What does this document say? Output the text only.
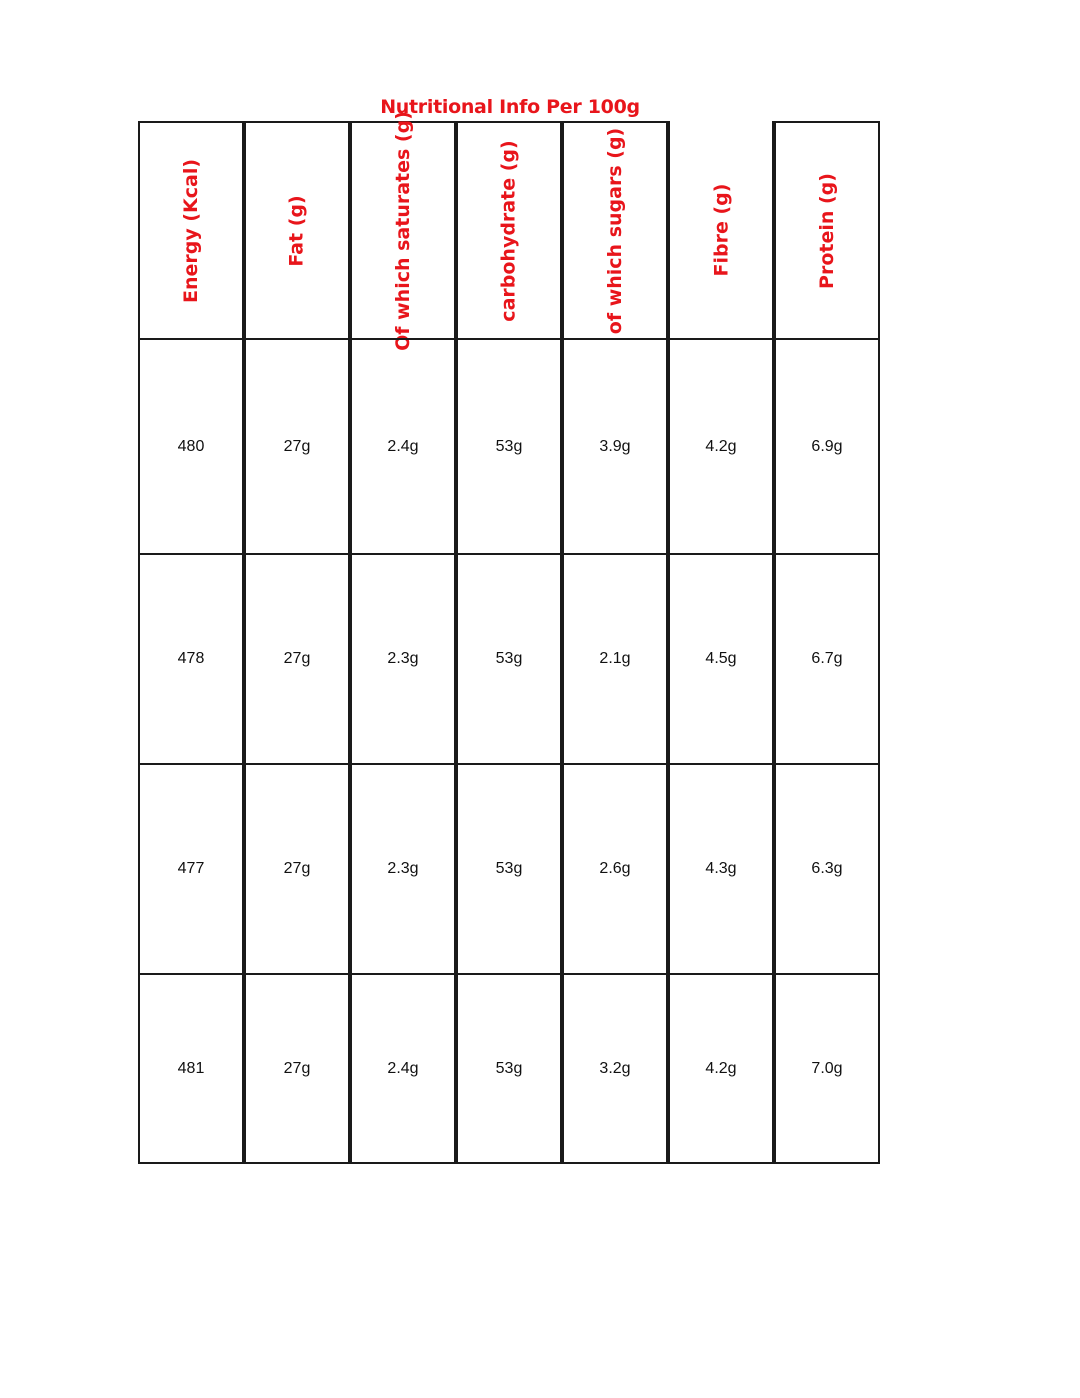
Nutritional Info Per 100g
Energy (Kcal)	Fat (g)	Of which saturates (g)	carbohydrate (g)	of which sugars (g)	Fibre (g)	Protein (g)
480	27g	2.4g	53g	3.9g	4.2g	6.9g
478	27g	2.3g	53g	2.1g	4.5g	6.7g
477	27g	2.3g	53g	2.6g	4.3g	6.3g
481	27g	2.4g	53g	3.2g	4.2g	7.0g
